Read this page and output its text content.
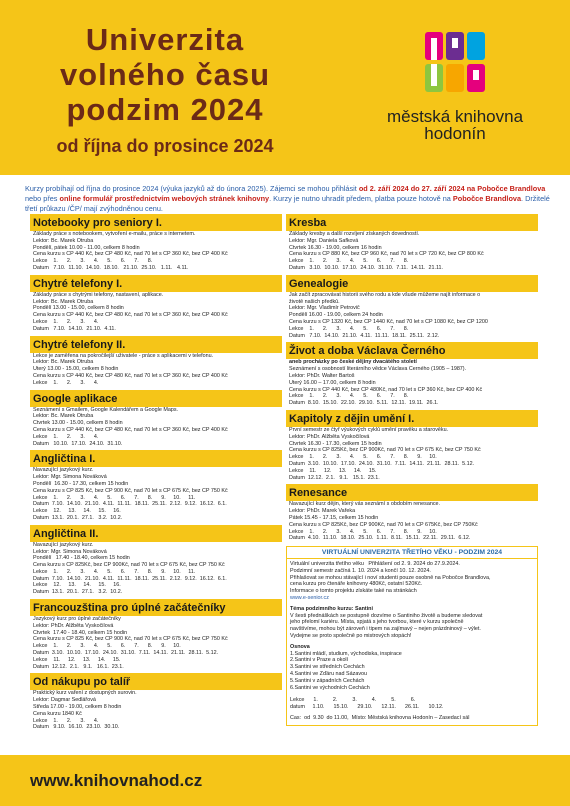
Univerzita
volného času
podzim 2024
od října do prosince 2024
městská knihovna
hodonín
Kurzy probíhají od října do prosince 2024 (výuka jazyků až do února 2025). Zájemci se mohou přihlásit od 2. září 2024 do 27. září 2024 na Pobočce Brandlova nebo přes online formulář prostřednictvím webových stránek knihovny. Kurzy je nutno uhradit předem, platba pouze hotově na Pobočce Brandlova. Držitelé třetí průkazu /ČP/ mají zvýhodněnou cenu.
Notebooky pro seniory I.
Základy práce s notebookem, vytvoření e-mailu, práce s internetem.
Lektor: Bc. Marek Otruba
Pondělí, pátek 10.00 - 11.00, celkem 8 hodin
Cena kurzu s ČP 440 Kč, bez ČP 480 Kč, nad 70 let s ČP 360 Kč, bez ČP 400 Kč
Lekce    1.      2.      3.      4.      5.      6.      7.      8.
Datum   7.10.  11.10.  14.10.  18.10.   21.10.  25.10.   1.11.   4.11.
Chytré telefony I.
Základy práce s chytrými telefony, nastavení, aplikace.
Lektor: Bc. Marek Otruba
Pondělí 13.00 - 15.00, celkem 8 hodin
Cena kurzu s ČP 440 Kč, bez ČP 480 Kč, nad 70 let s ČP 360 Kč, bez ČP 400 Kč
Lekce    1.      2.      3.      4.
Datum   7.10.  14.10.  21.10.  4.11.
Chytré telefony II.
Lekce je zaměřena na pokročilejší uživatele - práce s aplikacemi v telefonu.
Lektor: Bc. Marek Otruba
Úterý 13.00 - 15.00, celkem 8 hodin
Cena kurzu s ČP 440 Kč, bez ČP 480 Kč, nad 70 let s ČP 360 Kč, bez ČP 400 Kč
Lekce    1.      2.      3.      4.
Google aplikace
Seznámení s Gmailem, Google Kalendářem a Google Maps.
Lektor: Bc. Marek Otruba
Čtvrtek 13.00 - 15.00, celkem 8 hodin
Cena kurzu s ČP 440 Kč, bez ČP 480 Kč, nad 70 let s ČP 360 Kč, bez ČP 400 Kč
Lekce    1.      2.      3.      4.
Datum   10.10.  17.10.  24.10.  31.10.
Angličtina I.
Navazující jazykový kurz.
Lektor: Mgr. Simona Nováková
Pondělí  16.30 - 17.30, celkem 15 hodin
Cena kurzu s ČP 825 Kč, bez ČP 900 Kč, nad 70 let s ČP 675 Kč, bez ČP 750 Kč
Lekce    1.      2.      3.      4.      5.      6.      7.      8.      9.     10.     11.
Datum  7.10.  14.10.  21.10.  4.11.  11.11.  18.11.  25.11.  2.12.  9.12.  16.12.  6.1.
Lekce    12.     13.     14.     15.     16.
Datum  13.1.  20.1.  27.1.   3.2.  10.2.
Angličtina II.
Navazující jazykový kurz.
Lektor: Mgr. Simona Nováková
Pondělí   17.40 - 18.40, celkem 15 hodin
Cena kurzu s ČP 825Kč, bez ČP 900Kč, nad 70 let s ČP 675 Kč, bez ČP 750 Kč
Lekce    1.      2.      3.      4.      5.      6.      7.      8.      9.     10.     11.
Datum  7.10.  14.10.  21.10.  4.11.  11.11.  18.11.  25.11.  2.12.  9.12.  16.12.  6.1.
Lekce    12.     13.     14.     15.     16.
Datum  13.1.  20.1.  27.1.   3.2.  10.2.
Francouzština pro úplné začátečníky
Jazykový kurz pro úplné začátečníky
Lektor: PhDr. Alžběta Vyskočilová
Čtvrtek  17.40 - 18.40, celkem 15 hodin
Cena kurzu s ČP 825 Kč, bez ČP 900 Kč, nad 70 let s ČP 675 Kč, bez ČP 750 Kč
Lekce    1.      2.      3.      4.      5.      6.      7.      8.      9.     10.
Datum  3.10.  10.10.  17.10.  24.10.  31.10.  7.11.  14.11.  21.11.  28.11.  5.12.
Lekce    11.     12.     13.     14.     15.
Datum  12.12.  2.1.   9.1.   16.1.  23.1.
Od nákupu po talíř
Praktický kurz vaření z dostupných surovin.
Lektor: Dagmar Sedlářová
Středa 17.00 - 19.00, celkem 8 hodin
Cena kurzu 1840 Kč
Lekce    1.      2.      3.      4.
Datum   9.10.  16.10.  23.10.  30.10.
Kresba
Základy kresby a další rozvíjení získaných dovedností.
Lektor: Mgr. Daniela Šafková
Čtvrtek 16.30 - 19.00, celkem 16 hodin
Cena kurzu s ČP 880 Kč, bez ČP 960 Kč, nad 70 let s ČP 720 Kč, bez ČP 800 Kč
Lekce    1.      2.      3.      4.      5.      6.      7.      8.
Datum   3.10.  10.10.  17.10.  24.10.  31.10.  7.11.  14.11.  21.11.
Genealogie
Jak začít zpracovávat historii svého rodu a kde všude můžeme najít informace o
životě našich předků.
Lektor: Mgr. Vladimír Petrovič
Pondělí 16.00 - 19.00, celkem 24 hodin
Cena kurzu s ČP 1320 Kč, bez ČP 1440 Kč, nad 70 let s ČP 1080 Kč, bez ČP 1200
Lekce    1.      2.      3.      4.      5.      6.      7.      8.
Datum   7.10.  14.10.  21.10.  4.11.  11.11.  18.11.  25.11.  2.12.
Život a doba Václava Černého
aneb procházky po české dějiny dvacátého století
Seznámení s osobností literárního vědce Václava Černého (1905 – 1987).
Lektor: PhDr. Walter Bartoš
Úterý 16.00 – 17.00, celkem 8 hodin
Cena kurzu s ČP 440 Kč, bez ČP 480Kč, nad 70 let s ČP 360 Kč, bez ČP 400 Kč
Lekce    1.      2.      3.      4.      5.      6.      7.      8.
Datum  8.10.  15.10.  22.10.  29.10.  5.11.  12.11.  19.11.  26.1.
Kapitoly z dějin umění I.
První semestr ze čtyř výukových cyklů umění pravěku a starověku.
Lektor: PhDr. Alžběta Vyskočilová
Čtvrtek 16.30 - 17.30, celkem 15 hodin
Cena kurzu s ČP 825Kč, bez ČP 900Kč, nad 70 let s ČP 675 Kč, bez ČP 750 Kč
Lekce    1.      2.      3.      4.      5.      6.      7.      8.      9.     10.
Datum  3.10.  10.10.  17.10.  24.10.  31.10.  7.11.  14.11.  21.11.  28.11.  5.12.
Lekce    11.     12.     13.     14.     15.
Datum  12.12.  2.1.   9.1.   15.1.  23.1.
Renesance
Navazující kurz dějin, který vás seznámí s obdobím renesance.
Lektor: PhDr. Marek Vařeka
Pátek 15.45 - 17.15, celkem 15 hodin
Cena kurzu s ČP 825Kč, bez ČP 900Kč, nad 70 let s ČP 675Kč, bez ČP 750Kč
Lekce    1.      2.      3.      4.      5.      6.      7.      8.      9.     10.
Datum  4.10.  11.10.  18.10.  25.10.  1.11.  8.11.  15.11.  22.11.  29.11.  6.12.
VIRTUÁLNÍ UNIVERZITA TŘETÍHO VĚKU - PODZIM 2024
Virtuální univerzita třetího věku   Přihlášení od 2. 9. 2024 do 27.9.2024.
Podzimní semestr začíná 1. 10. 2024 a končí 10. 12. 2024.
Přihlašovat se mohou stávající i noví studenti pouze osobně na Pobočce Brandlova,
cena kurzu pro čtenáře knihovny 480Kč, ostatní 520Kč.
Informace o tomto projektu získáte také na stránkách
www.e-senior.cz
Téma podzimního kurzu: Santini
V šesti přednáškách se postupně dozvíme o Santiniho životě a budeme sledovat
jeho přelomí kariéru. Místa, spjatá s jeho tvorbou, které v kurzu společně
navštívíme, mohou být zároveň i tipem na zajímavý – nejen prázdninový – výlet.
Vydejme se proto společně po mistrových stopách!
Osnova
1.Santini mládí, studium, východiska, inspirace
2.Santini v Praze a okolí
3.Santini ve středních Čechách
4.Santini ve Žďáru nad Sázavou
5.Santini v západních Čechách
6.Santini ve východních Čechách
Lekce      1.          2.          3.          4.          5.          6.
datum     1.10.      15.10.      29.10.      12.11.      26.11.      10.12.
Čas:  od  9.30  do 11.00,  Místo: Městská knihovna Hodonín – Zasedací sál
www.knihovnahod.cz
